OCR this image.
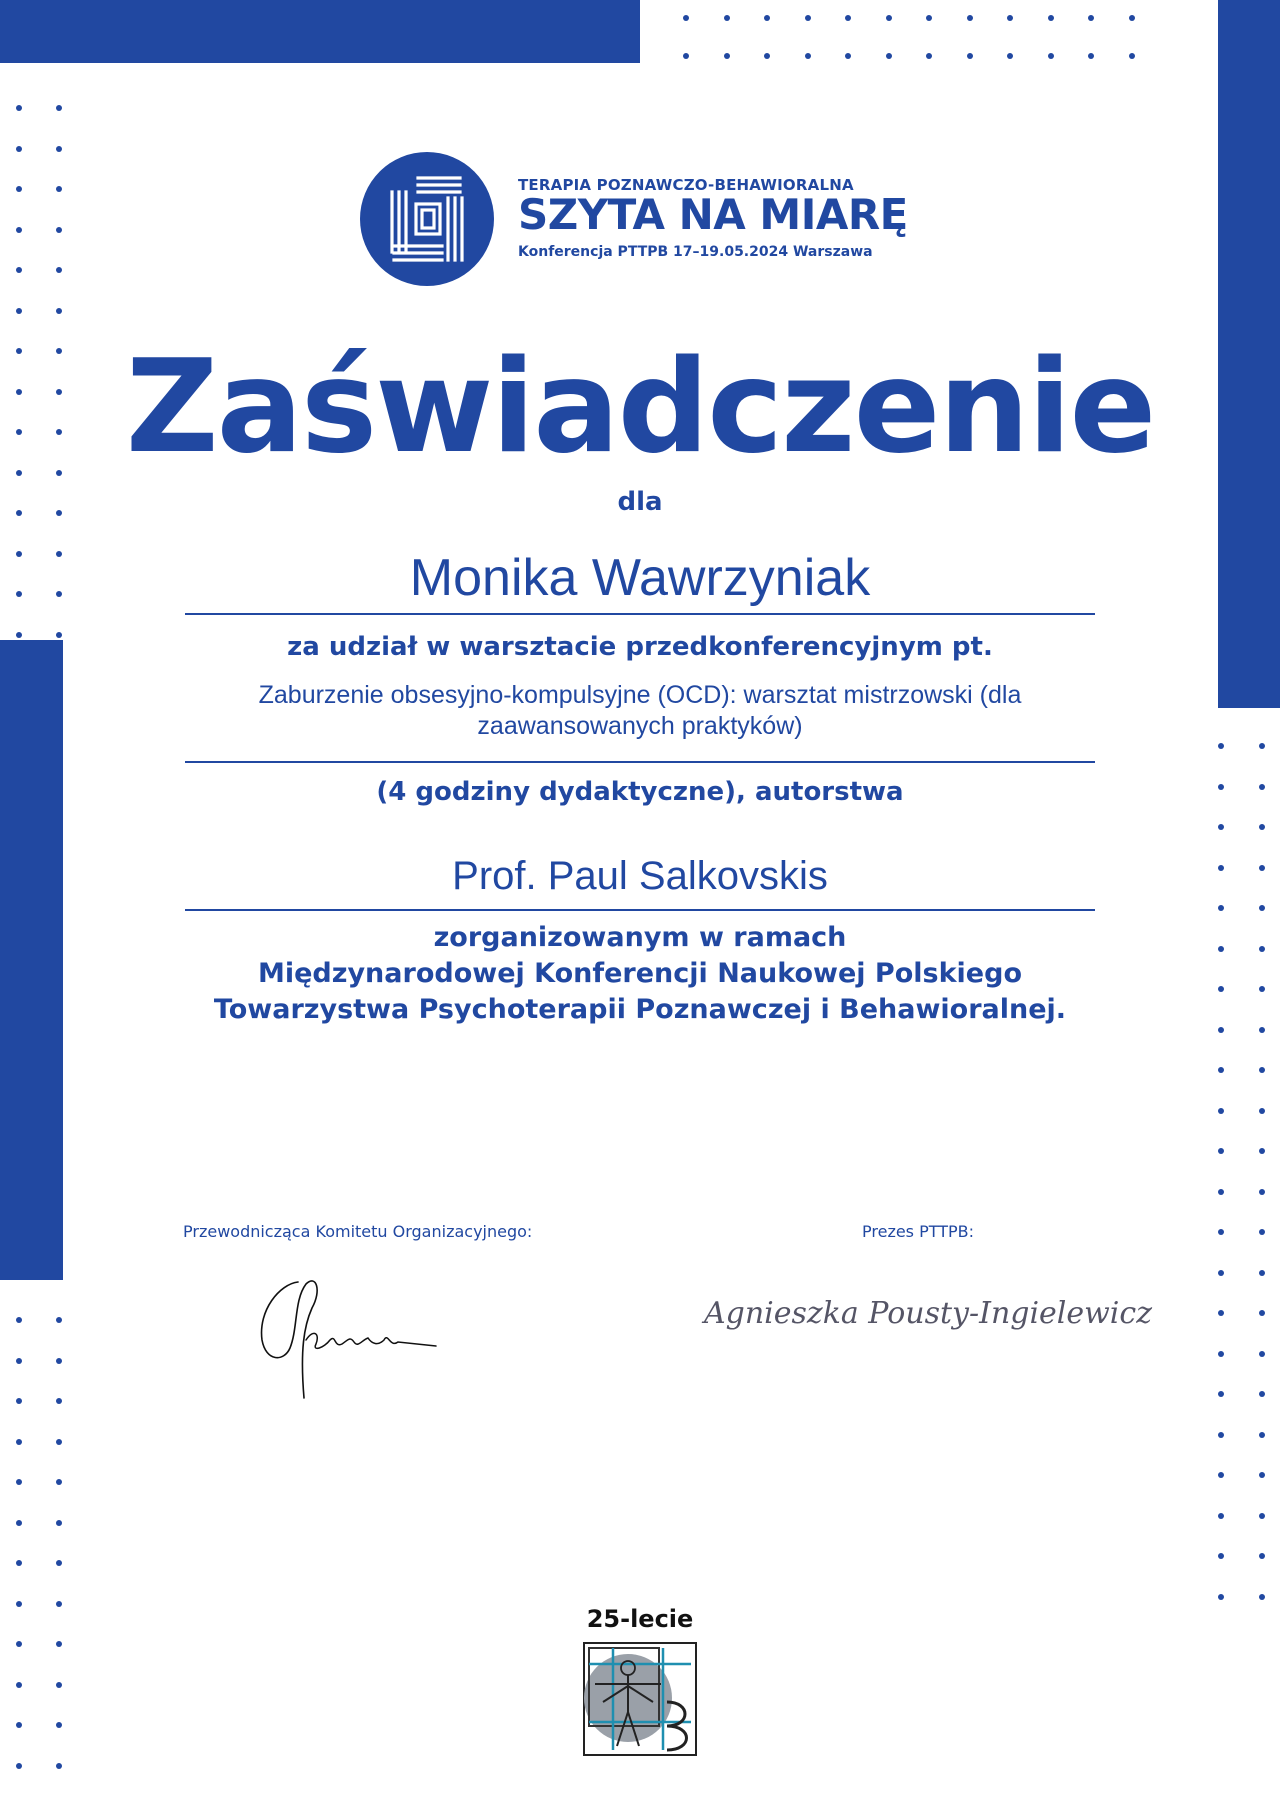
TERAPIA POZNAWCZO-BEHAWIORALNA
SZYTA NA MIARĘ
Konferencja PTTPB 17–19.05.2024 Warszawa
Zaświadczenie
dla
Monika Wawrzyniak
za udział w warsztacie przedkonferencyjnym pt.
Zaburzenie obsesyjno-kompulsyjne (OCD): warsztat mistrzowski (dla zaawansowanych praktyków)
(4 godziny dydaktyczne), autorstwa
Prof. Paul Salkovskis
zorganizowanym w ramach
Międzynarodowej Konferencji Naukowej Polskiego
Towarzystwa Psychoterapii Poznawczej i Behawioralnej.
Przewodnicząca Komitetu Organizacyjnego:	Prezes PTTPB:
Agnieszka Pousty-Ingielewicz
25-lecie
